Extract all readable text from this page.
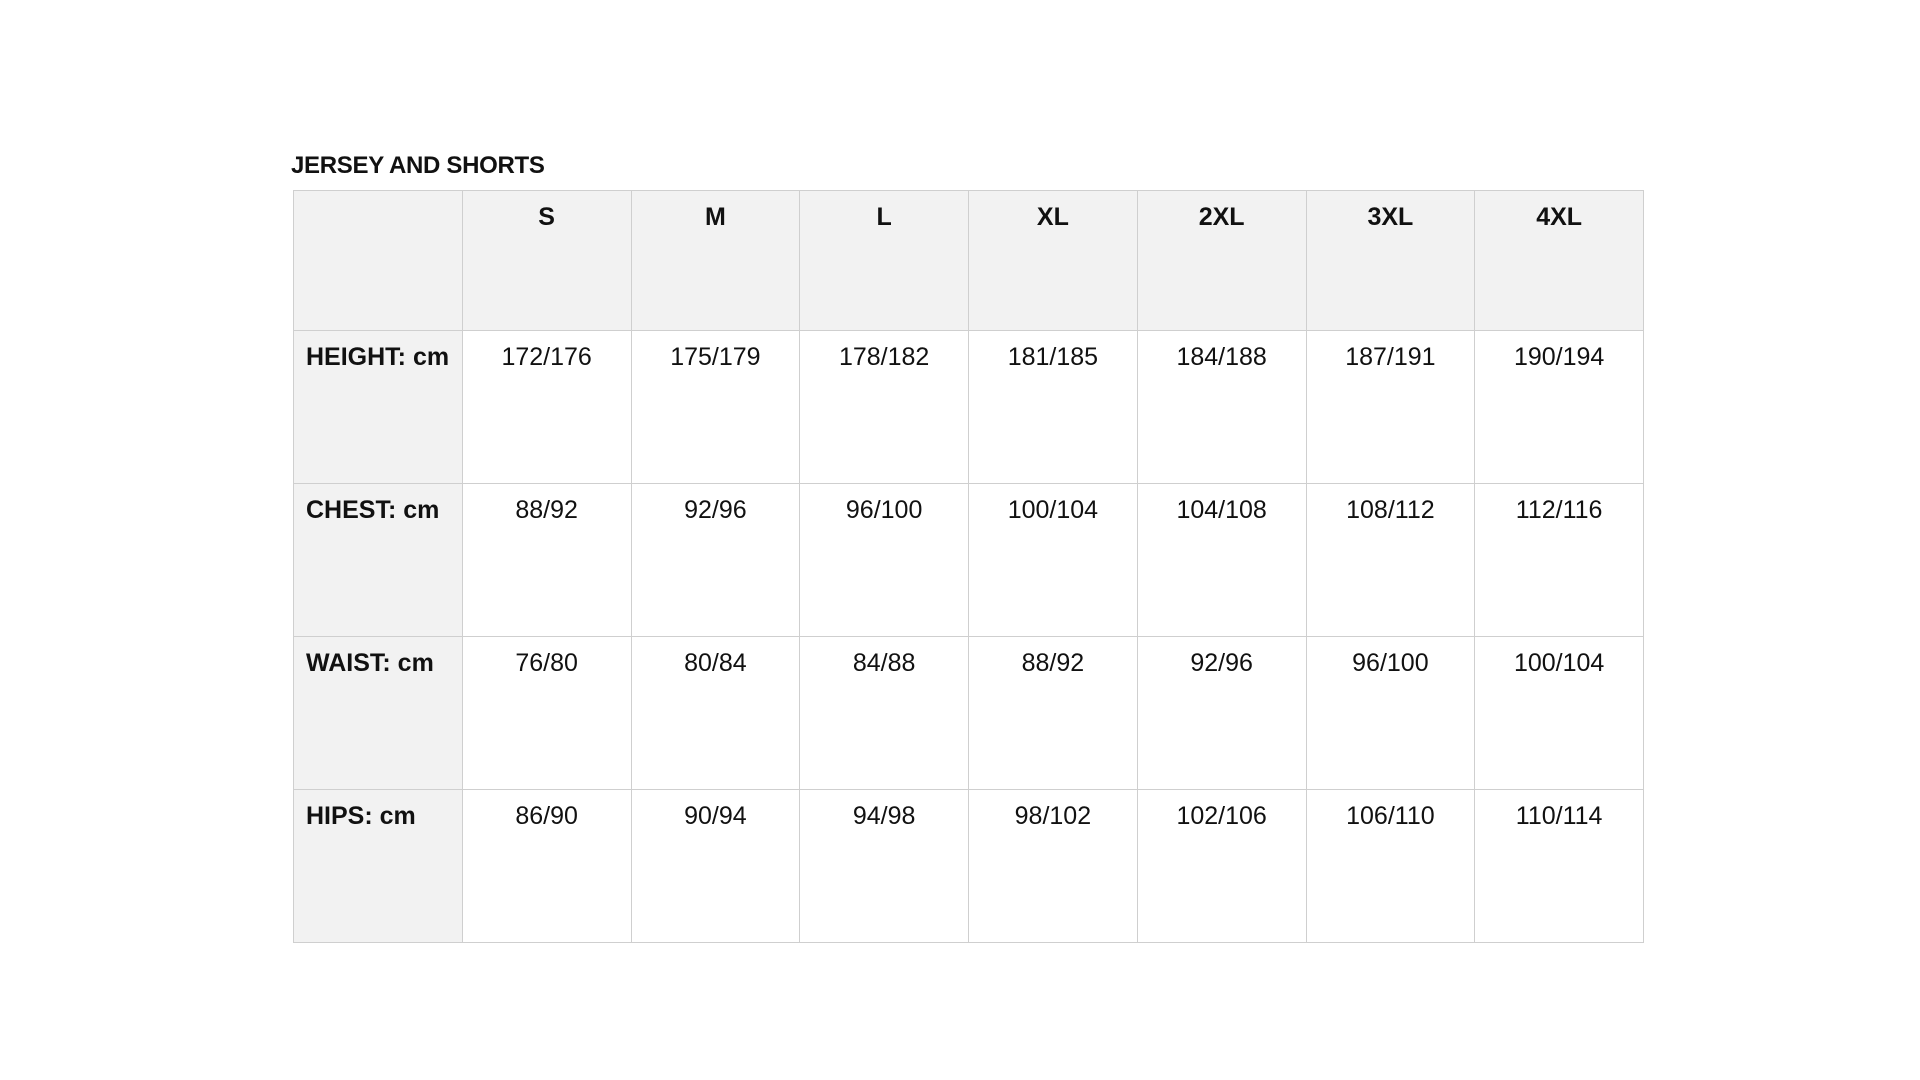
JERSEY AND SHORTS

	S	M	L	XL	2XL	3XL	4XL

HEIGHT: cm	172/176	175/179	178/182	181/185	184/188	187/191	190/194

CHEST: cm	88/92	92/96	96/100	100/104	104/108	108/112	112/116

WAIST: cm	76/80	80/84	84/88	88/92	92/96	96/100	100/104

HIPS: cm	86/90	90/94	94/98	98/102	102/106	106/110	110/114
